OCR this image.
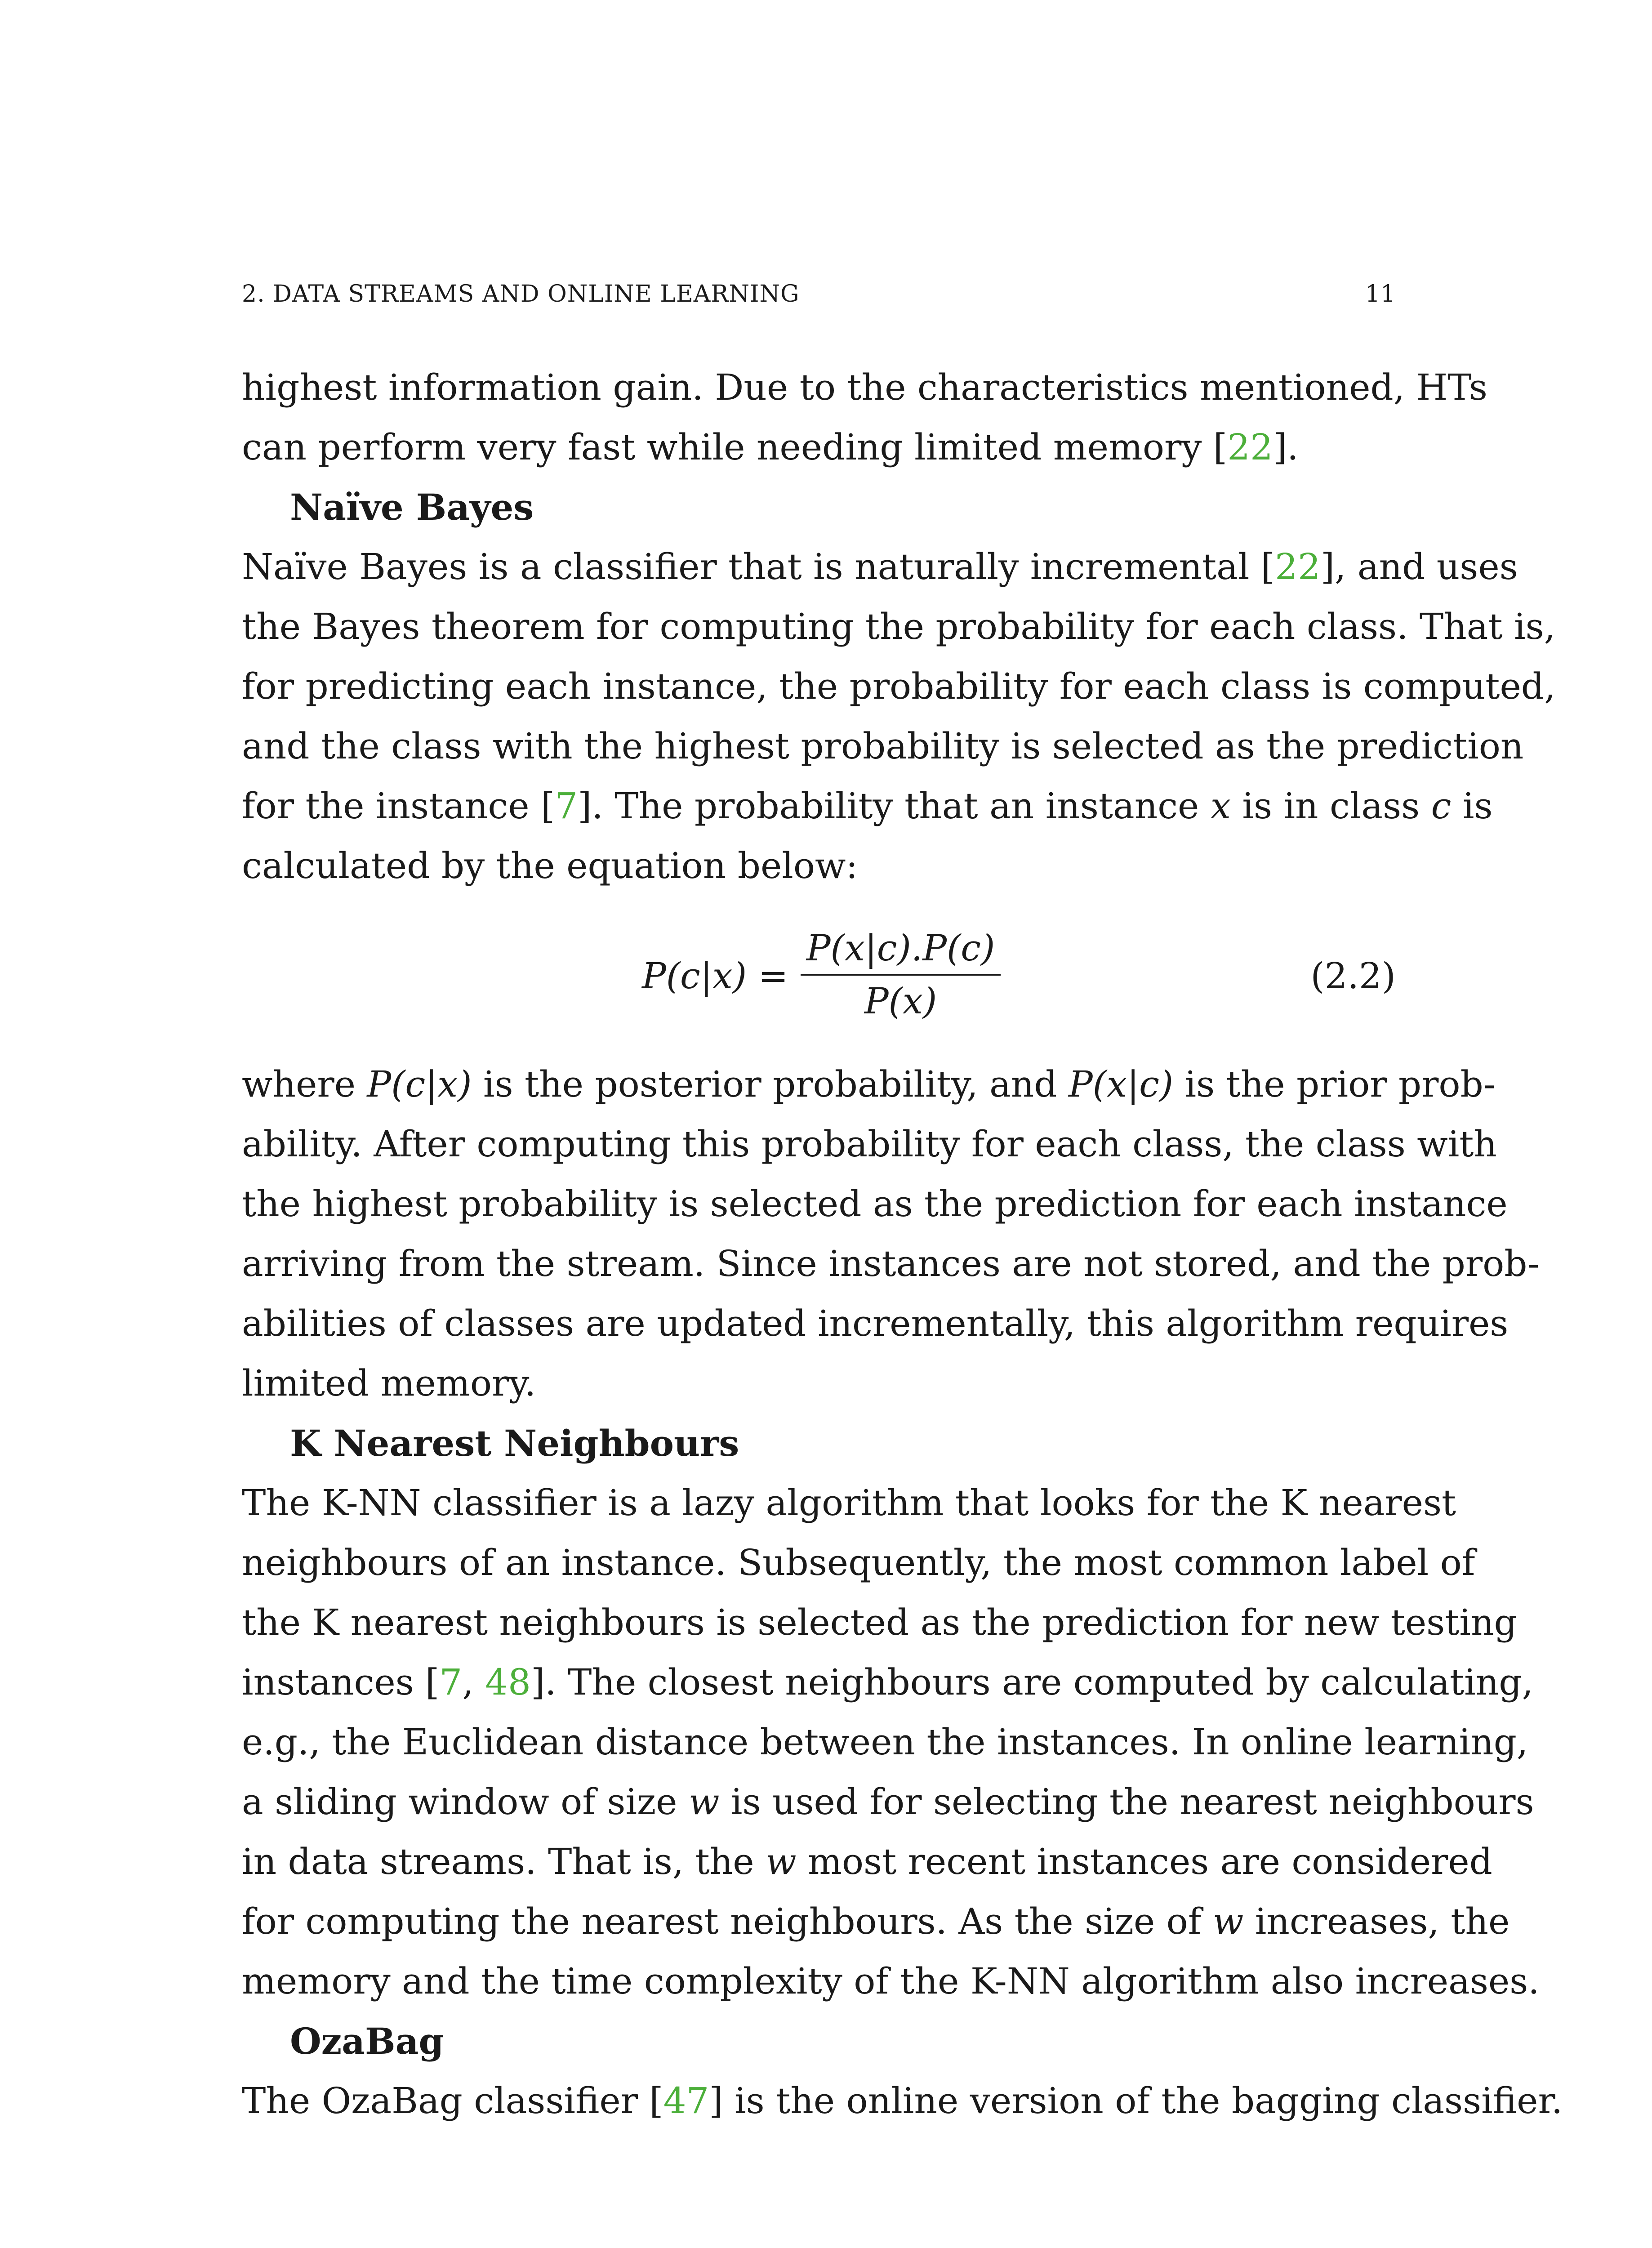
2. DATA STREAMS AND ONLINE LEARNING	11
highest information gain. Due to the characteristics mentioned, HTs
can perform very fast while needing limited memory [22].
Naïve Bayes
Naïve Bayes is a classifier that is naturally incremental [22], and uses
the Bayes theorem for computing the probability for each class. That is,
for predicting each instance, the probability for each class is computed,
and the class with the highest probability is selected as the prediction
for the instance [7]. The probability that an instance x is in class c is
calculated by the equation below:
P(c|x) =
P(x|c).P(c)
P(x)
(2.2)
where P(c|x) is the posterior probability, and P(x|c) is the prior prob-
ability. After computing this probability for each class, the class with
the highest probability is selected as the prediction for each instance
arriving from the stream. Since instances are not stored, and the prob-
abilities of classes are updated incrementally, this algorithm requires
limited memory.
K Nearest Neighbours
The K-NN classifier is a lazy algorithm that looks for the K nearest
neighbours of an instance. Subsequently, the most common label of
the K nearest neighbours is selected as the prediction for new testing
instances [7, 48]. The closest neighbours are computed by calculating,
e.g., the Euclidean distance between the instances. In online learning,
a sliding window of size w is used for selecting the nearest neighbours
in data streams. That is, the w most recent instances are considered
for computing the nearest neighbours. As the size of w increases, the
memory and the time complexity of the K-NN algorithm also increases.
OzaBag
The OzaBag classifier [47] is the online version of the bagging classifier.
